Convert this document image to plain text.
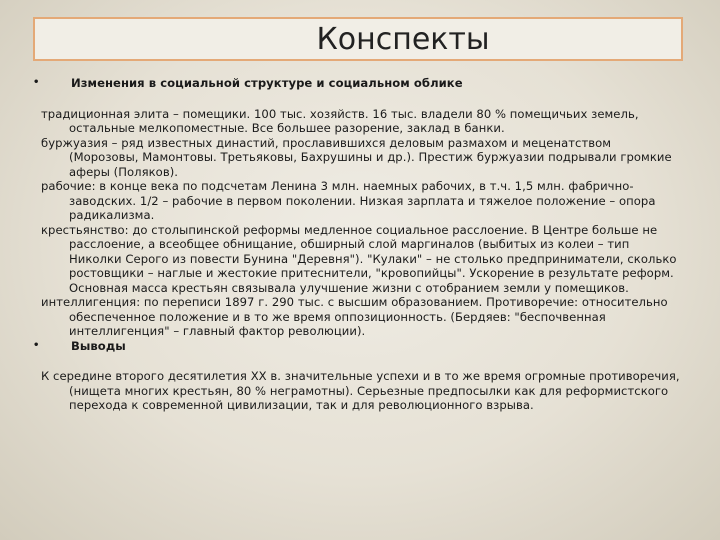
Конспекты
•	Изменения в социальной структуре и социальном облике
традиционная элита – помещики. 100 тыс. хозяйств. 16 тыс. владели 80 % помещичьих земель, остальные мелкопоместные. Все большее разорение, заклад в банки.
буржуазия – ряд известных династий, прославившихся деловым размахом и меценатством (Морозовы, Мамонтовы. Третьяковы, Бахрушины и др.). Престиж буржуазии подрывали громкие аферы (Поляков).
рабочие: в конце века по подсчетам Ленина 3 млн. наемных рабочих, в т.ч. 1,5 млн. фабрично-заводских. 1/2 – рабочие в первом поколении. Низкая зарплата и тяжелое положение – опора радикализма.
крестьянство: до столыпинской реформы медленное социальное расслоение. В Центре больше не расслоение, а всеобщее обнищание, обширный слой маргиналов (выбитых из колеи – тип Николки Серого из повести Бунина "Деревня"). "Кулаки" – не столько предприниматели, сколько ростовщики – наглые и жестокие притеснители, "кровопийцы". Ускорение в результате реформ. Основная масса крестьян связывала улучшение жизни с отобранием земли у помещиков.
интеллигенция: по переписи 1897 г. 290 тыс. с высшим образованием. Противоречие: относительно обеспеченное положение и в то же время оппозиционность. (Бердяев: "беспочвенная интеллигенция" – главный фактор революции).
•	Выводы
К середине второго десятилетия ХХ в. значительные успехи и в то же время огромные противоречия, (нищета многих крестьян, 80 % неграмотны). Серьезные предпосылки как для реформистского перехода к современной цивилизации, так и для революционного взрыва.
